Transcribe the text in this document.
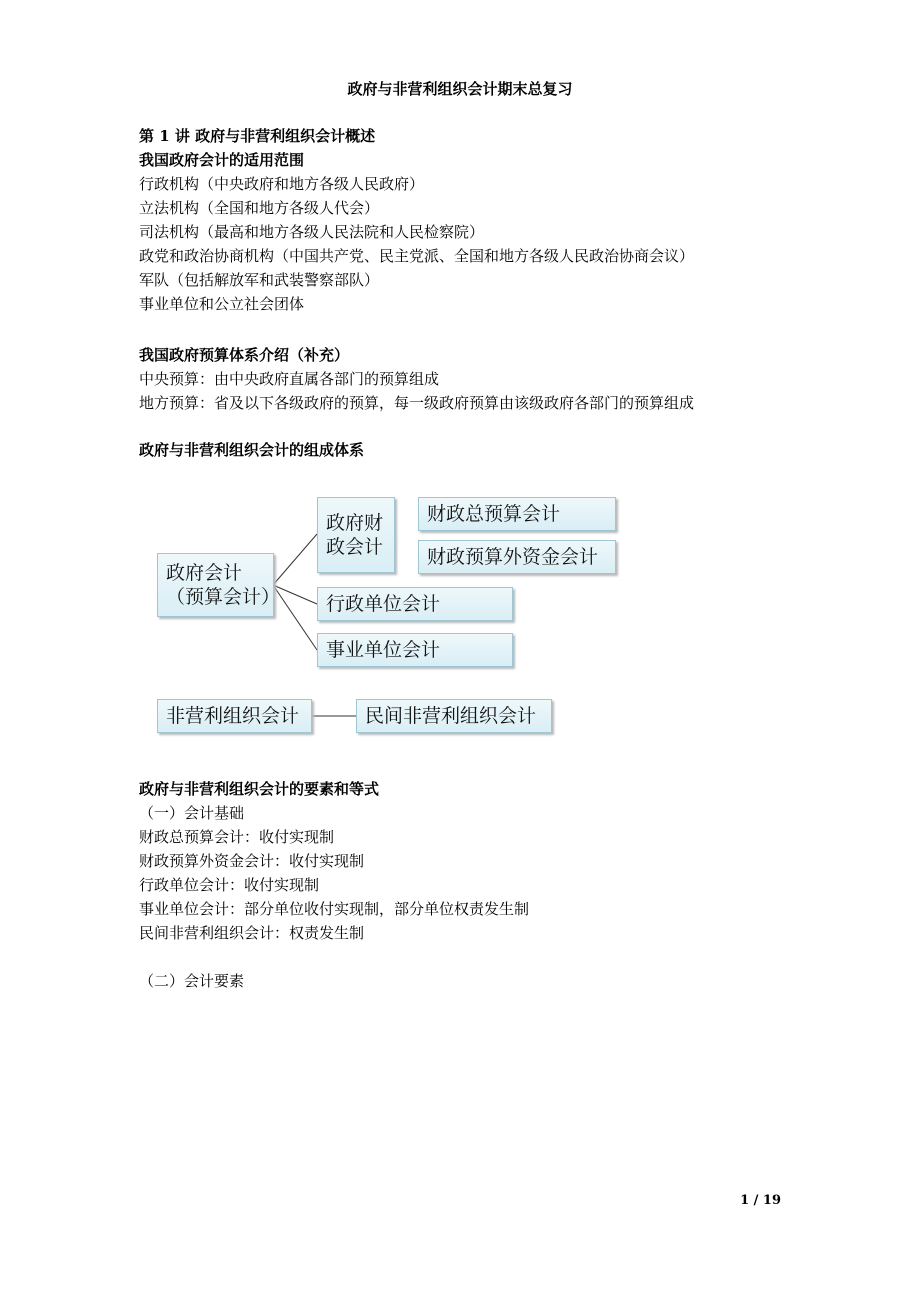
政府与非营利组织会计期末总复习
第 1 讲 政府与非营利组织会计概述
我国政府会计的适用范围
行政机构（中央政府和地方各级人民政府）
立法机构（全国和地方各级人代会）
司法机构（最高和地方各级人民法院和人民检察院）
政党和政治协商机构（中国共产党、民主党派、全国和地方各级人民政治协商会议）
军队（包括解放军和武装警察部队）
事业单位和公立社会团体
我国政府预算体系介绍（补充）
中央预算：由中央政府直属各部门的预算组成
地方预算：省及以下各级政府的预算，每一级政府预算由该级政府各部门的预算组成
政府与非营利组织会计的组成体系
政府会计
（预算会计）
政府财
政会计
财政总预算会计
财政预算外资金会计
行政单位会计
事业单位会计
非营利组织会计	民间非营利组织会计
政府与非营利组织会计的要素和等式
（一）会计基础
财政总预算会计：收付实现制
财政预算外资金会计：收付实现制
行政单位会计：收付实现制
事业单位会计：部分单位收付实现制，部分单位权责发生制
民间非营利组织会计：权责发生制
（二）会计要素
1 / 19
